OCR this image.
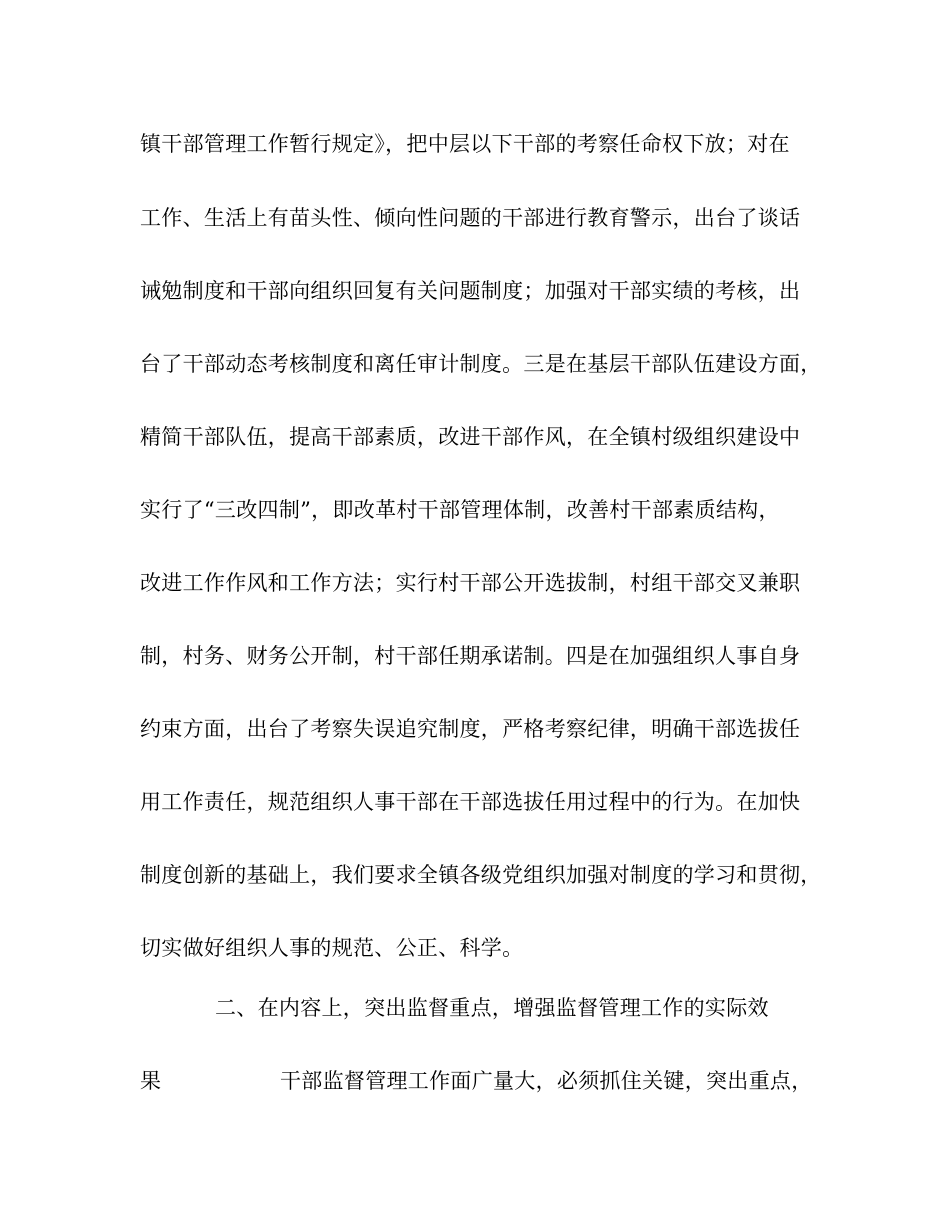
镇干部管理工作暂行规定》，把中层以下干部的考察任命权下放；对在
工作、生活上有苗头性、倾向性问题的干部进行教育警示，出台了谈话
诫勉制度和干部向组织回复有关问题制度；加强对干部实绩的考核，出
台了干部动态考核制度和离任审计制度。三是在基层干部队伍建设方面，
精简干部队伍，提高干部素质，改进干部作风，在全镇村级组织建设中
实行了“三改四制”，即改革村干部管理体制，改善村干部素质结构，
改进工作作风和工作方法；实行村干部公开选拔制，村组干部交叉兼职
制，村务、财务公开制，村干部任期承诺制。四是在加强组织人事自身
约束方面，出台了考察失误追究制度，严格考察纪律，明确干部选拔任
用工作责任，规范组织人事干部在干部选拔任用过程中的行为。在加快
制度创新的基础上，我们要求全镇各级党组织加强对制度的学习和贯彻，
切实做好组织人事的规范、公正、科学。
二、在内容上，突出监督重点，增强监督管理工作的实际效
果	干部监督管理工作面广量大，必须抓住关键，突出重点，
